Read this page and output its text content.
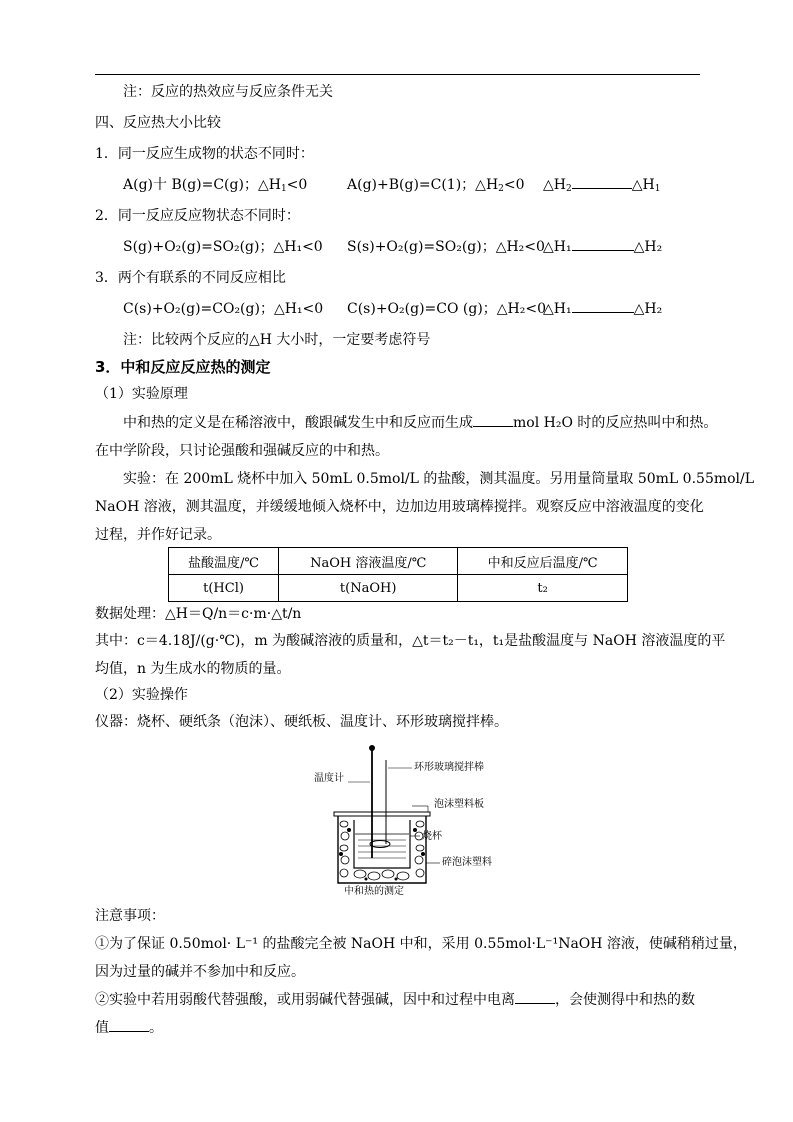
注：反应的热效应与反应条件无关
四、反应热大小比较
1．同一反应生成物的状态不同时：
A(g)十 B(g)=C(g)；$\triangle H_1<0$	A(g)+B(g)=C(1)；$\triangle H_2<0$ $\triangle H_2$	$\triangle H_1$
2．同一反应反应物状态不同时：
S(g)+O₂(g)=SO₂(g)；△H₁<0 S(s)+O₂(g)=SO₂(g)；△H₂<0
△H₁	△H₂
3．两个有联系的不同反应相比
C(s)+O₂(g)=CO₂(g)；△H₁<0 C(s)+O₂(g)=CO (g)；△H₂<0
△H₁	△H₂
注：比较两个反应的△H 大小时，一定要考虑符号
3．中和反应反应热的测定
（1）实验原理
中和热的定义是在稀溶液中，酸跟碱发生中和反应而生成	mol H₂O 时的反应热叫中和热。
在中学阶段，只讨论强酸和强碱反应的中和热。
实验：在 200mL 烧杯中加入 50mL 0.5mol/L 的盐酸，测其温度。另用量筒量取 50mL 0.55mol/L
NaOH 溶液，测其温度，并缓缓地倾入烧杯中，边加边用玻璃棒搅拌。观察反应中溶液温度的变化
过程，并作好记录。
盐酸温度/℃	NaOH 溶液温度/℃	中和反应后温度/℃
t(HCl)	t(NaOH)	t₂
数据处理：△H＝Q/n＝c·m·△t/n
其中：c＝4.18J/(g·℃)，m 为酸碱溶液的质量和，△t＝t₂－t₁，t₁是盐酸温度与 NaOH 溶液温度的平
均值，n 为生成水的物质的量。
（2）实验操作
仪器：烧杯、硬纸条（泡沫）、硬纸板、温度计、环形玻璃搅拌棒。
温度计
环形玻璃搅拌棒
泡沫塑料板
烧杯
碎泡沫塑料
中和热的测定
注意事项：
①为了保证 0.50mol· L⁻¹ 的盐酸完全被 NaOH 中和，采用 0.55mol·L⁻¹NaOH 溶液，使碱稍稍过量，
因为过量的碱并不参加中和反应。
②实验中若用弱酸代替强酸，或用弱碱代替强碱，因中和过程中电离	，会使测得中和热的数
值	。
